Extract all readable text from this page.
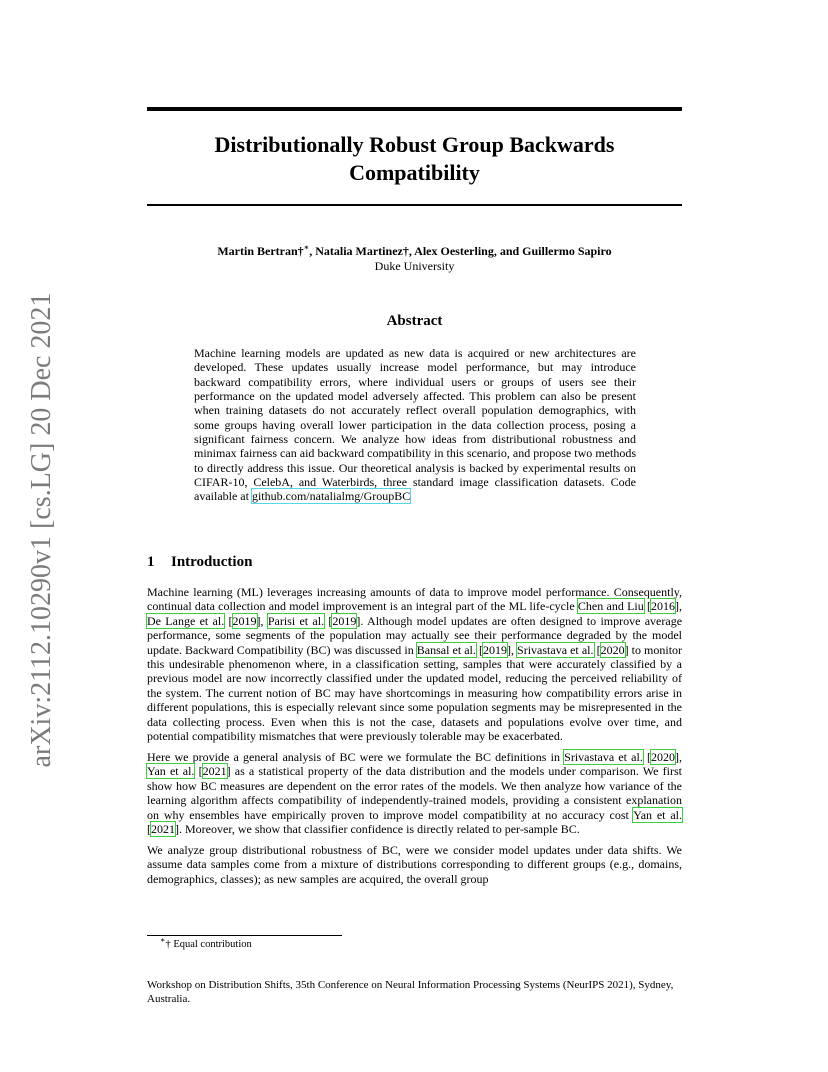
arXiv:2112.10290v1 [cs.LG] 20 Dec 2021
Distributionally Robust Group Backwards
Compatibility
Martin Bertran†∗, Natalia Martinez†, Alex Oesterling, and Guillermo Sapiro
Duke University
Abstract
Machine learning models are updated as new data is acquired or new architectures are developed. These updates usually increase model performance, but may introduce backward compatibility errors, where individual users or groups of users see their performance on the updated model adversely affected. This problem can also be present when training datasets do not accurately reflect overall population demographics, with some groups having overall lower participation in the data collection process, posing a significant fairness concern. We analyze how ideas from distributional robustness and minimax fairness can aid backward compatibility in this scenario, and propose two methods to directly address this issue. Our theoretical analysis is backed by experimental results on CIFAR-10, CelebA, and Waterbirds, three standard image classification datasets. Code available at github.com/natalialmg/GroupBC
1 Introduction

Machine learning (ML) leverages increasing amounts of data to improve model performance. Consequently, continual data collection and model improvement is an integral part of the ML life-cycle Chen and Liu [2016], De Lange et al. [2019], Parisi et al. [2019]. Although model updates are often designed to improve average performance, some segments of the population may actually see their performance degraded by the model update. Backward Compatibility (BC) was discussed in Bansal et al. [2019], Srivastava et al. [2020] to monitor this undesirable phenomenon where, in a classification setting, samples that were accurately classified by a previous model are now incorrectly classified under the updated model, reducing the perceived reliability of the system. The current notion of BC may have shortcomings in measuring how compatibility errors arise in different populations, this is especially relevant since some population segments may be misrepresented in the data collecting process. Even when this is not the case, datasets and populations evolve over time, and potential compatibility mismatches that were previously tolerable may be exacerbated.

Here we provide a general analysis of BC were we formulate the BC definitions in Srivastava et al. [2020], Yan et al. [2021] as a statistical property of the data distribution and the models under comparison. We first show how BC measures are dependent on the error rates of the models. We then analyze how variance of the learning algorithm affects compatibility of independently-trained models, providing a consistent explanation on why ensembles have empirically proven to improve model compatibility at no accuracy cost Yan et al. [2021]. Moreover, we show that classifier confidence is directly related to per-sample BC.

We analyze group distributional robustness of BC, were we consider model updates under data shifts. We assume data samples come from a mixture of distributions corresponding to different groups (e.g., domains, demographics, classes); as new samples are acquired, the overall group

∗† Equal contribution
Workshop on Distribution Shifts, 35th Conference on Neural Information Processing Systems (NeurIPS 2021), Sydney, Australia.
